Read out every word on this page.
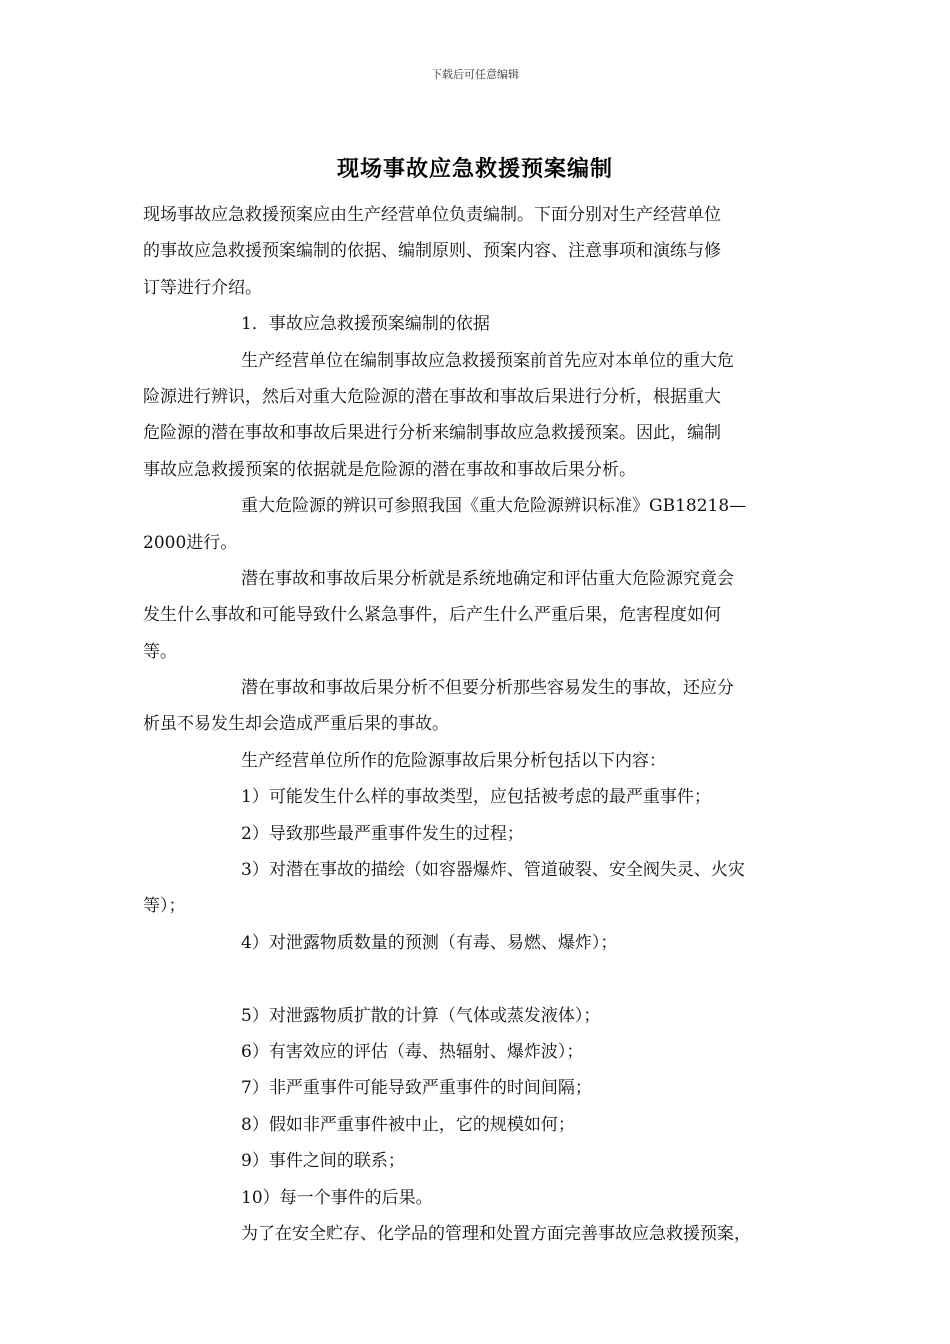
下载后可任意编辑
现场事故应急救援预案编制
现场事故应急救援预案应由生产经营单位负责编制。下面分别对生产经营单位
的事故应急救援预案编制的依据、编制原则、预案内容、注意事项和演练与修
订等进行介绍。
1．事故应急救援预案编制的依据
生产经营单位在编制事故应急救援预案前首先应对本单位的重大危
险源进行辨识，然后对重大危险源的潜在事故和事故后果进行分析，根据重大
危险源的潜在事故和事故后果进行分析来编制事故应急救援预案。因此，编制
事故应急救援预案的依据就是危险源的潜在事故和事故后果分析。
重大危险源的辨识可参照我国《重大危险源辨识标准》GB18218—
2000进行。
潜在事故和事故后果分析就是系统地确定和评估重大危险源究竟会
发生什么事故和可能导致什么紧急事件，后产生什么严重后果，危害程度如何
等。
潜在事故和事故后果分析不但要分析那些容易发生的事故，还应分
析虽不易发生却会造成严重后果的事故。
生产经营单位所作的危险源事故后果分析包括以下内容：
1）可能发生什么样的事故类型，应包括被考虑的最严重事件；
2）导致那些最严重事件发生的过程；
3）对潜在事故的描绘（如容器爆炸、管道破裂、安全阀失灵、火灾
等）；
4）对泄露物质数量的预测（有毒、易燃、爆炸）；
5）对泄露物质扩散的计算（气体或蒸发液体）；
6）有害效应的评估（毒、热辐射、爆炸波）；
7）非严重事件可能导致严重事件的时间间隔；
8）假如非严重事件被中止，它的规模如何；
9）事件之间的联系；
10）每一个事件的后果。
为了在安全贮存、化学品的管理和处置方面完善事故应急救援预案，
